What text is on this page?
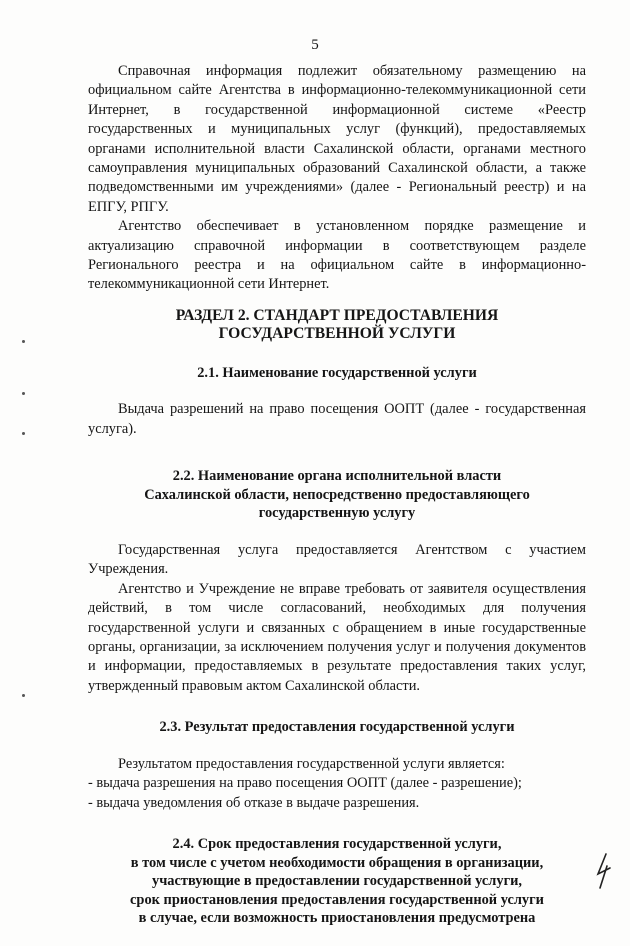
5

Справочная информация подлежит обязательному размещению на официальном сайте Агентства в информационно-телекоммуникационной сети Интернет, в государственной информационной системе «Реестр государственных и муниципальных услуг (функций), предоставляемых органами исполнительной власти Сахалинской области, органами местного самоуправления муниципальных образований Сахалинской области, а также подведомственными им учреждениями» (далее - Региональный реестр) и на ЕПГУ, РПГУ.

Агентство обеспечивает в установленном порядке размещение и актуализацию справочной информации в соответствующем разделе Регионального реестра и на официальном сайте в информационно-телекоммуникационной сети Интернет.

РАЗДЕЛ 2. СТАНДАРТ ПРЕДОСТАВЛЕНИЯ
ГОСУДАРСТВЕННОЙ УСЛУГИ
2.1. Наименование государственной услуги

Выдача разрешений на право посещения ООПТ (далее - государственная услуга).

2.2. Наименование органа исполнительной власти
Сахалинской области, непосредственно предоставляющего
государственную услугу

Государственная услуга предоставляется Агентством с участием Учреждения.

Агентство и Учреждение не вправе требовать от заявителя осуществления действий, в том числе согласований, необходимых для получения государственной услуги и связанных с обращением в иные государственные органы, организации, за исключением получения услуг и получения документов и информации, предоставляемых в результате предоставления таких услуг, утвержденный правовым актом Сахалинской области.

2.3. Результат предоставления государственной услуги

Результатом предоставления государственной услуги является:

- выдача разрешения на право посещения ООПТ (далее - разрешение);
- выдача уведомления об отказе в выдаче разрешения.
2.4. Срок предоставления государственной услуги,
в том числе с учетом необходимости обращения в организации,
участвующие в предоставлении государственной услуги,
срок приостановления предоставления государственной услуги
в случае, если возможность приостановления предусмотрена
